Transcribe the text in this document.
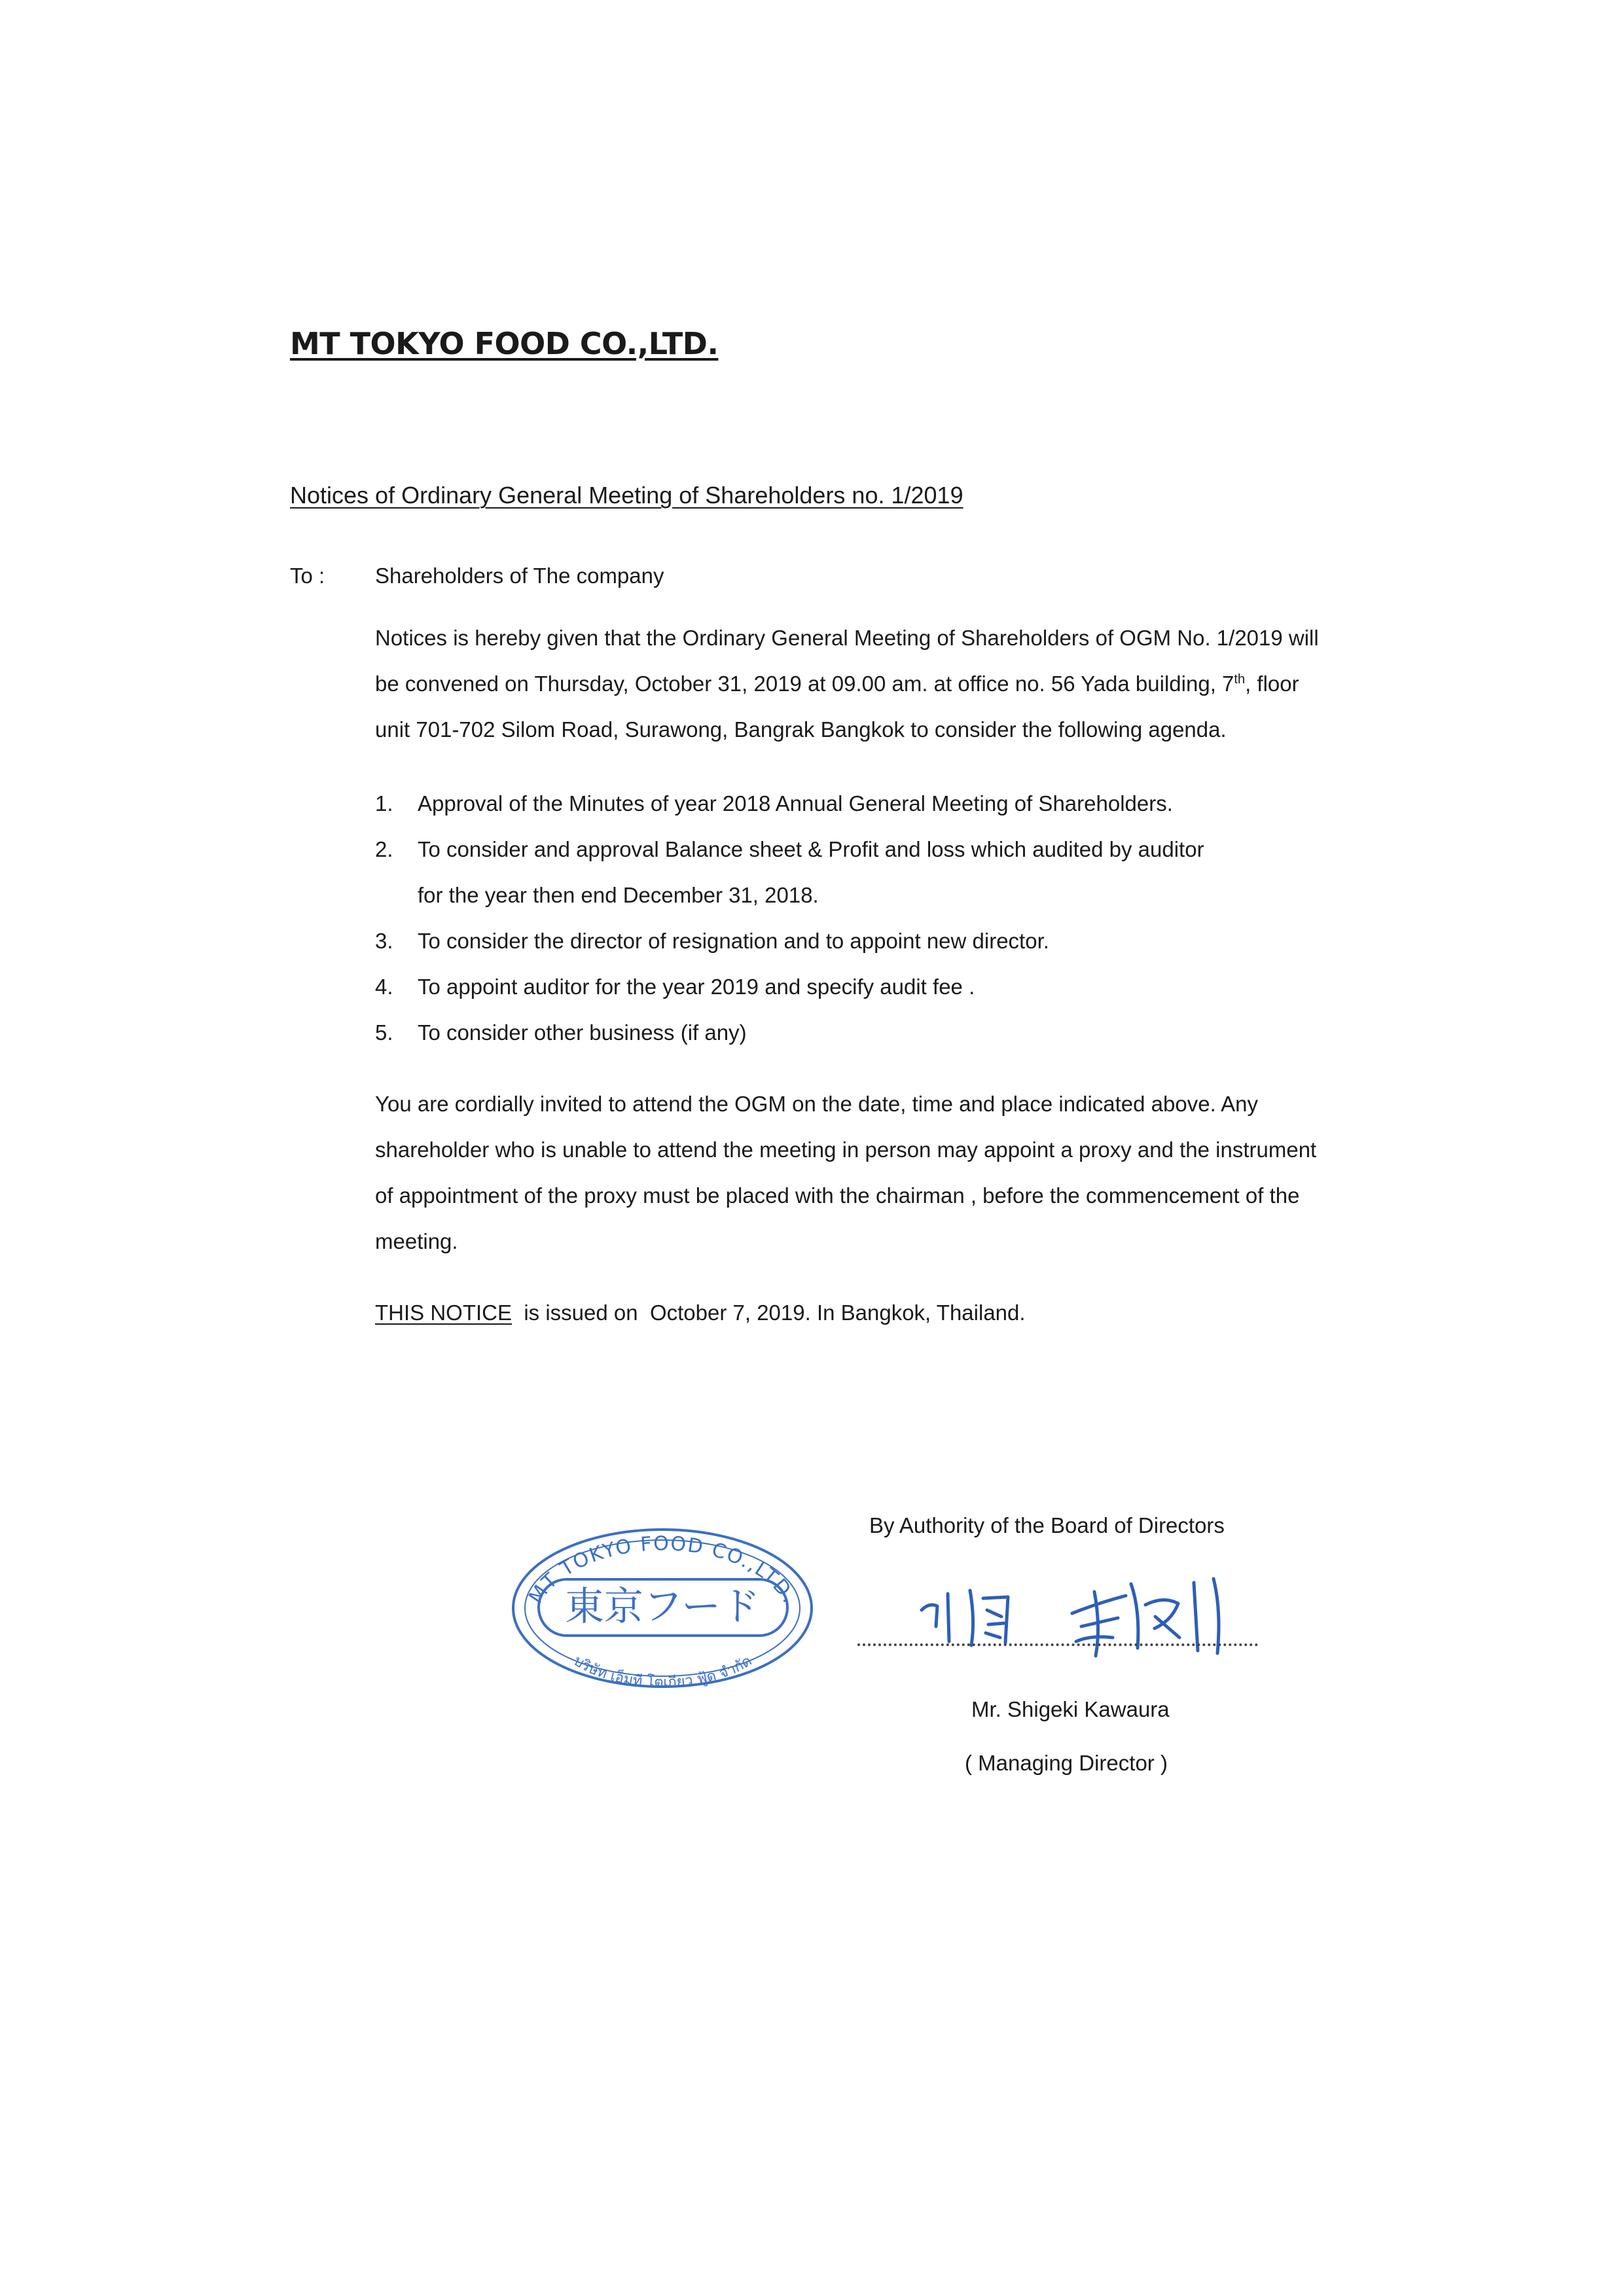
MT TOKYO FOOD CO.,LTD.
Notices of Ordinary General Meeting of Shareholders no. 1/2019
To : Shareholders of The company
Notices is hereby given that the Ordinary General Meeting of Shareholders of OGM No. 1/2019 will
be convened on Thursday, October 31, 2019 at 09.00 am. at office no. 56 Yada building, 7th, floor
unit 701-702 Silom Road, Surawong, Bangrak Bangkok to consider the following agenda.
1.	Approval of the Minutes of year 2018 Annual General Meeting of Shareholders.
2.	To consider and approval Balance sheet & Profit and loss which audited by auditor
for the year then end December 31, 2018.
3.	To consider the director of resignation and to appoint new director.
4.	To appoint auditor for the year 2019 and specify audit fee .
5.	To consider other business (if any)
You are cordially invited to attend the OGM on the date, time and place indicated above. Any
shareholder who is unable to attend the meeting in person may appoint a proxy and the instrument
of appointment of the proxy must be placed with the chairman , before the commencement of the
meeting.
THIS NOTICE  is issued on  October 7, 2019. In Bangkok, Thailand.
By Authority of the Board of Directors
MT TOKYO FOOD CO.,LTD.
東京フード
บริษัท เอ็มที โตเกียว ฟู้ด จำกัด
Mr. Shigeki Kawaura
( Managing Director )
